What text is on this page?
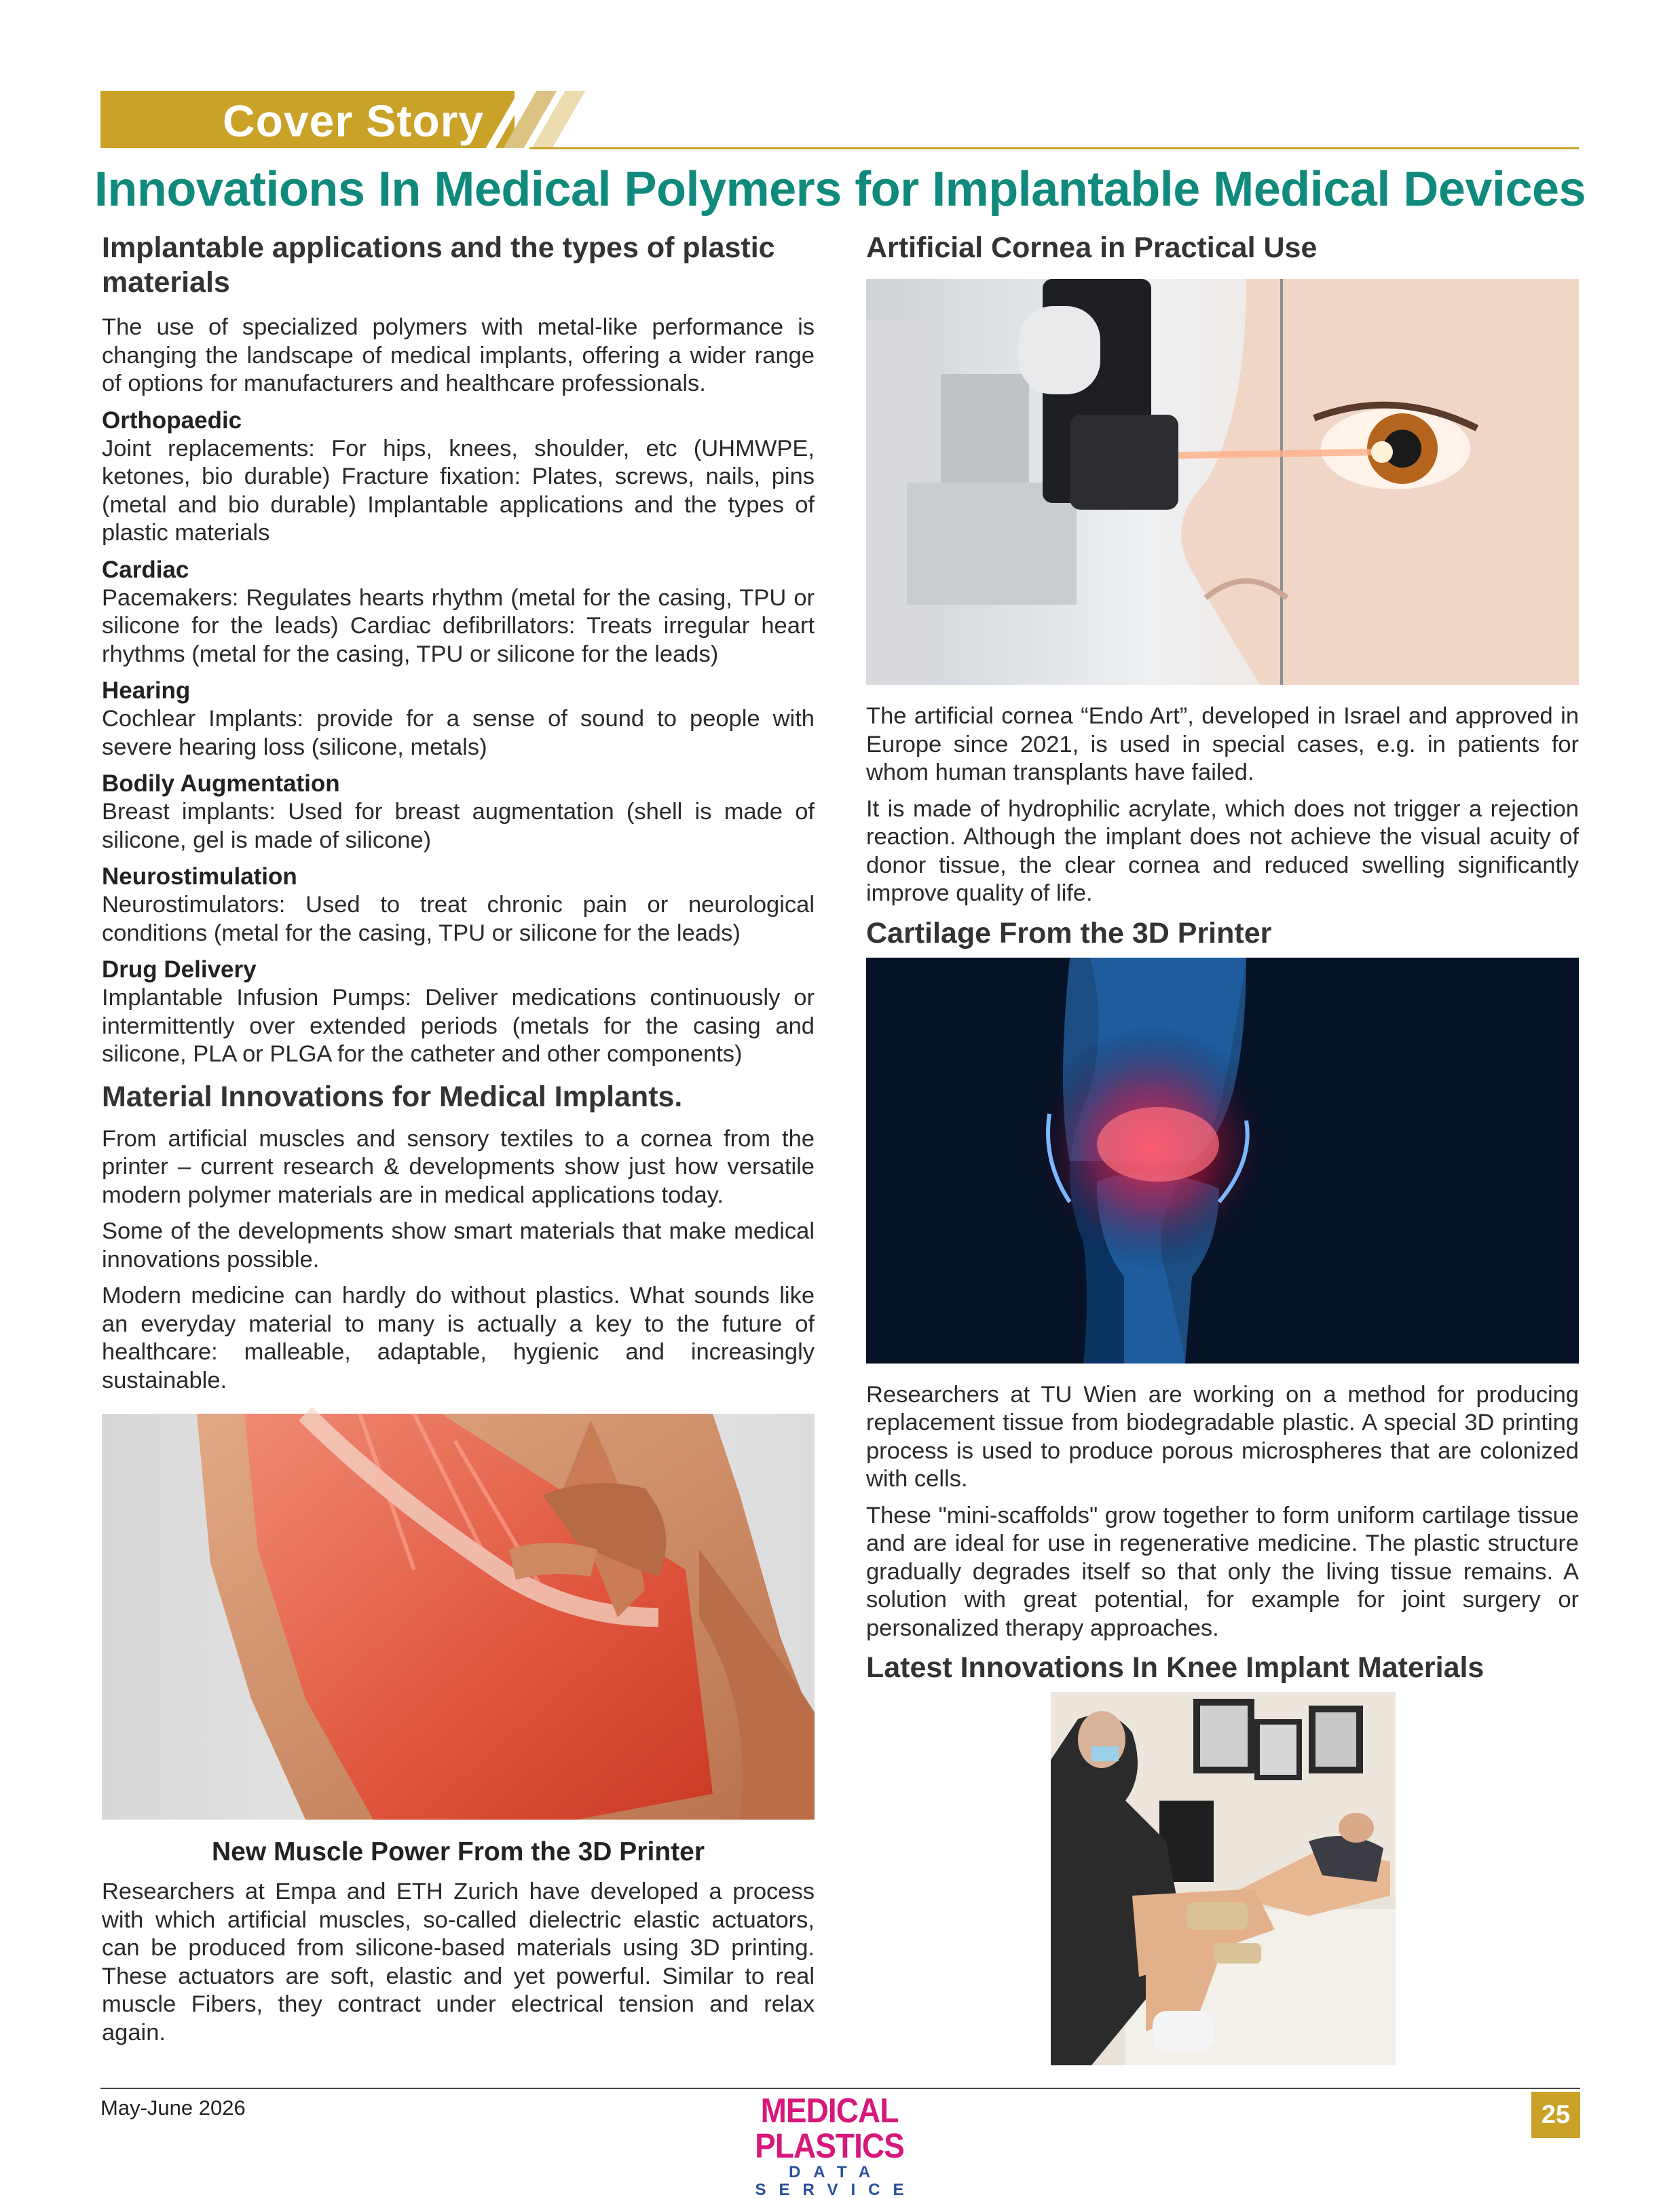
Cover Story
Innovations In Medical Polymers for Implantable Medical Devices
Implantable applications and the types of plastic materials

The use of specialized polymers with metal-like performance is changing the landscape of medical implants, offering a wider range of options for manufacturers and healthcare professionals.

Orthopaedic

Joint replacements: For hips, knees, shoulder, etc (UHMWPE, ketones, bio durable) Fracture fixation: Plates, screws, nails, pins (metal and bio durable) Implantable applications and the types of plastic materials

Cardiac

Pacemakers: Regulates hearts rhythm (metal for the casing, TPU or silicone for the leads) Cardiac defibrillators: Treats irregular heart rhythms (metal for the casing, TPU or silicone for the leads)

Hearing

Cochlear Implants: provide for a sense of sound to people with severe hearing loss (silicone, metals)

Bodily Augmentation

Breast implants: Used for breast augmentation (shell is made of silicone, gel is made of silicone)

Neurostimulation

Neurostimulators: Used to treat chronic pain or neurological conditions (metal for the casing, TPU or silicone for the leads)

Drug Delivery

Implantable Infusion Pumps: Deliver medications continuously or intermittently over extended periods (metals for the casing and silicone, PLA or PLGA for the catheter and other components)

Material Innovations for Medical Implants.

From artificial muscles and sensory textiles to a cornea from the printer – current research & developments show just how versatile modern polymer materials are in medical applications today.

Some of the developments show smart materials that make medical innovations possible.

Modern medicine can hardly do without plastics. What sounds like an everyday material to many is actually a key to the future of healthcare: malleable, adaptable, hygienic and increasingly sustainable.

New Muscle Power From the 3D Printer

Researchers at Empa and ETH Zurich have developed a process with which artificial muscles, so-called dielectric elastic actuators, can be produced from silicone-based materials using 3D printing. These actuators are soft, elastic and yet powerful. Similar to real muscle Fibers, they contract under electrical tension and relax again.

Artificial Cornea in Practical Use

The artificial cornea “Endo Art”, developed in Israel and approved in Europe since 2021, is used in special cases, e.g. in patients for whom human transplants have failed.

It is made of hydrophilic acrylate, which does not trigger a rejection reaction. Although the implant does not achieve the visual acuity of donor tissue, the clear cornea and reduced swelling significantly improve quality of life.

Cartilage From the 3D Printer

Researchers at TU Wien are working on a method for producing replacement tissue from biodegradable plastic. A special 3D printing process is used to produce porous microspheres that are colonized with cells.

These "mini-scaffolds" grow together to form uniform cartilage tissue and are ideal for use in regenerative medicine. The plastic structure gradually degrades itself so that only the living tissue remains. A solution with great potential, for example for joint surgery or personalized therapy approaches.

Latest Innovations In Knee Implant Materials
May-June 2026	MEDICAL PLASTICS
DATA SERVICE
25
